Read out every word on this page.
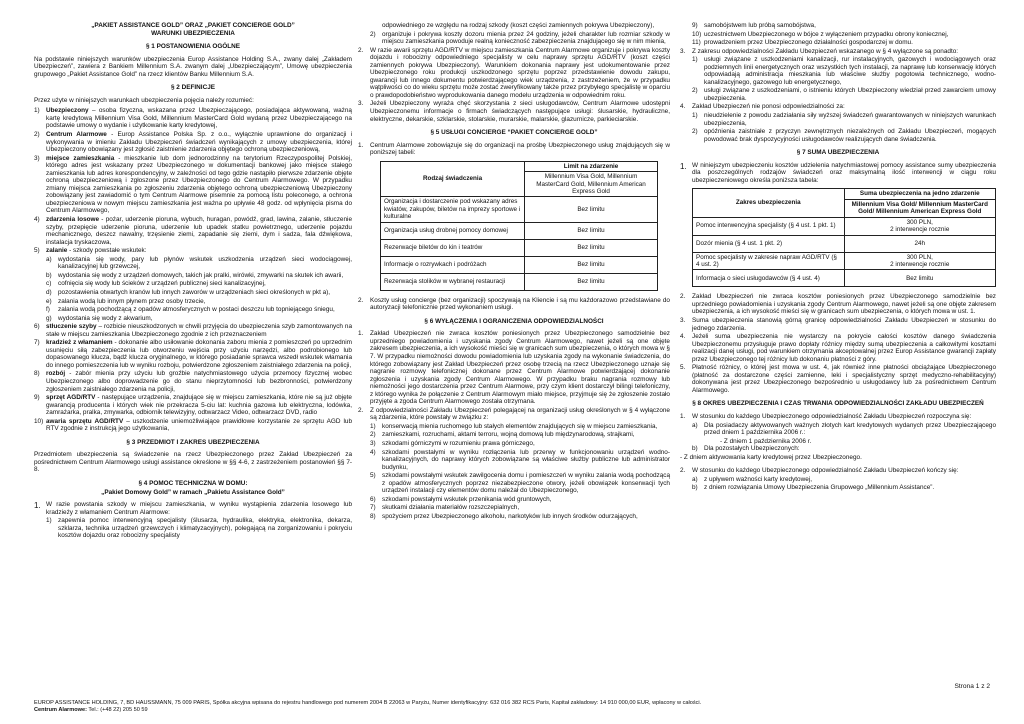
„PAKIET ASSISTANCE GOLD” ORAZ „PAKIET CONCIERGE GOLD”
WARUNKI UBEZPIECZENIA
§ 1 POSTANOWIENIA OGÓLNE

Na podstawie niniejszych warunków ubezpieczenia Europ Assistance Holding S.A., zwany dalej „Zakładem Ubezpieczeń”, zawiera z Bankiem Millennium S.A. zwanym dalej „Ubezpieczającym”, Umowę ubezpieczenia grupowego „Pakiet Assistance Gold” na rzecz klientów Banku Millennium S.A.

§ 2 DEFINICJE

Przez użyte w niniejszych warunkach ubezpieczenia pojęcia należy rozumieć:

1) Ubezpieczony – osoba fizyczna, wskazana przez Ubezpieczającego, posiadająca aktywowaną, ważną kartę kredytową Millennium Visa Gold, Millennium MasterCard Gold wydaną przez Ubezpieczającego na podstawie umowy o wydanie i użytkowanie karty kredytowej,
2) Centrum Alarmowe - Europ Assistance Polska Sp. z o.o., wyłącznie uprawnione do organizacji i wykonywania w imieniu Zakładu Ubezpieczeń świadczeń wynikających z umowy ubezpieczenia, której Ubezpieczony obowiązany jest zgłosić zaistnienie zdarzenia objętego ochroną ubezpieczeniową,
3) miejsce zamieszkania - mieszkanie lub dom jednorodzinny na terytorium Rzeczypospolitej Polskiej, którego adres jest wskazany przez Ubezpieczonego w dokumentacji bankowej jako miejsce stałego zamieszkania lub adres korespondencyjny, w zależności od tego gdzie nastąpiło pierwsze zdarzenie objęte ochroną ubezpieczeniową i zgłoszone przez Ubezpieczonego do Centrum Alarmowego. W przypadku zmiany miejsca zamieszkania po zgłoszeniu zdarzenia objętego ochroną ubezpieczeniową Ubezpieczony zobowiązany jest zawiadomić o tym Centrum Alarmowe pisemnie za pomocą listu poleconego, a ochrona ubezpieczeniowa w nowym miejscu zamieszkania jest ważna po upływie 48 godz. od wpłynięcia pisma do Centrum Alarmowego,
4) zdarzenia losowe - pożar, uderzenie pioruna, wybuch, huragan, powódź, grad, lawina, zalanie, stłuczenie szyby, przepięcie uderzenie pioruna, uderzenie lub upadek statku powietrznego, uderzenie pojazdu mechanicznego, deszcz nawalny, trzęsienie ziemi, zapadanie się ziemi, dym i sadza, fala dźwiękowa, instalacja tryskaczowa,
5) zalanie - szkody powstałe wskutek:
a) wydostania się wody, pary lub płynów wskutek uszkodzenia urządzeń sieci wodociągowej, kanalizacyjnej lub grzewczej,
b) wydostania się wody z urządzeń domowych, takich jak pralki, wirówki, zmywarki na skutek ich awarii,
c)	cofnięcia się wody lub ścieków z urządzeń publicznej sieci kanalizacyjnej,
d) pozostawienia otwartych kranów lub innych zaworów w urządzeniach sieci określonych w pkt a),
e) zalania wodą lub innym płynem przez osoby trzecie,
f)	zalania wodą pochodzącą z opadów atmosferycznych w postaci deszczu lub topniejącego śniegu,
g) wydostania się wody z akwarium,
6) stłuczenie szyby – rozbicie nieuszkodzonych w chwili przyjęcia do ubezpieczenia szyb zamontowanych na stałe w miejscu zamieszkania Ubezpieczonego zgodnie z ich przeznaczeniem
7) kradzież z włamaniem - dokonanie albo usiłowanie dokonania zaboru mienia z pomieszczeń po uprzednim usunięciu siłą zabezpieczenia lub otworzeniu wejścia przy użyciu narzędzi, albo podrobionego lub dopasowanego klucza, bądź klucza oryginalnego, w którego posiadanie sprawca wszedł wskutek włamania do innego pomieszczenia lub w wyniku rozboju, potwierdzone zgłoszeniem zaistniałego zdarzenia na policji,
8) rozbój - zabór mienia przy użyciu lub groźbie natychmiastowego użycia przemocy fizycznej wobec Ubezpieczonego albo doprowadzenie go do stanu nieprzytomności lub bezbronności, potwierdzony zgłoszeniem zaistniałego zdarzenia na policji,
9) sprzęt AGD/RTV - następujące urządzenia, znajdujące się w miejscu zamieszkania, które nie są już objęte gwarancją producenta i których wiek nie przekracza 5-ciu lat: kuchnia gazowa lub elektryczna, lodówka, zamrażarka, pralka, zmywarka, odbiornik telewizyjny, odtwarzacz Video, odtwarzacz DVD, radio
10) awaria sprzętu AGD/RTV – uszkodzenie uniemożliwiające prawidłowe korzystanie ze sprzętu AGD lub RTV zgodnie z instrukcją jego użytkowania,
§ 3 PRZEDMIOT I ZAKRES UBEZPIECZENIA

Przedmiotem ubezpieczenia są świadczenie na rzecz Ubezpieczonego przez Zakład Ubezpieczeń za pośrednictwem Centrum Alarmowego usługi assistance określone w §§ 4-6, z zastrzeżeniem postanowień §§ 7-8.

§ 4 POMOC TECHNICZNA W DOMU:
„Pakiet Domowy Gold” w ramach „Pakietu Assistance Gold”
1. W razie powstania szkody w miejscu zamieszkania, w wyniku wystąpienia zdarzenia losowego lub kradzieży z włamaniem Centrum Alarmowe:
1) zapewnia pomoc interwencyjną specjalisty (ślusarza, hydraulika, elektryka, elektronika, dekarza, szklarza, technika urządzeń grzewczych i klimatyzacyjnych), polegającą na zorganizowaniu i pokryciu kosztów dojazdu oraz robocizny specjalisty
odpowiedniego ze względu na rodzaj szkody (koszt części zamiennych pokrywa Ubezpieczony),
2) organizuje i pokrywa koszty dozoru mienia przez 24 godziny, jeżeli charakter lub rozmiar szkody w miejscu zamieszkania powoduje realną konieczność zabezpieczenia znajdującego się w nim mienia,
2.	W razie awarii sprzętu AGD/RTV w miejscu zamieszkania Centrum Alarmowe organizuje i pokrywa koszty dojazdu i robocizny odpowiedniego specjalisty w celu naprawy sprzętu AGD/RTV (koszt części zamiennych pokrywa Ubezpieczony). Warunkiem dokonania naprawy jest udokumentowanie przez Ubezpieczonego roku produkcji uszkodzonego sprzętu poprzez przedstawienie dowodu zakupu, gwarancji lub innego dokumentu potwierdzającego wiek urządzenia, z zastrzeżeniem, że w przypadku wątpliwości co do wieku sprzętu może zostać zweryfikowany także przez przybyłego specjalistę w oparciu o prawdopodobieństwo wyprodukowania danego modelu urządzenia w odpowiednim roku.
3.	Jeżeli Ubezpieczony wyraża chęć skorzystania z sieci usługodawców, Centrum Alarmowe udostępni Ubezpieczonemu informacje o firmach świadczących następujące usługi: ślusarskie, hydrauliczne, elektryczne, dekarskie, szklarskie, stolarskie, murarskie, malarskie, glazurnicze, parkieciarskie.
§ 5 USŁUGI CONCIERGE “PAKIET CONCIERGE GOLD”
1.	Centrum Alarmowe zobowiązuje się do organizacji na prośbę Ubezpieczonego usług znajdujących się w poniższej tabeli:
Rodzaj świadczenia	Limit na zdarzenie
	Millennium Visa Gold, Millennium MasterCard Gold, Millennium American Express Gold
Organizacja i dostarczenie pod wskazany adres kwiatów, zakupów, biletów na imprezy sportowe i kulturalne	Bez limitu
Organizacja usług drobnej pomocy domowej	Bez limitu
Rezerwacje biletów do kin i teatrów	Bez limitu
Informacje o rozrywkach i podróżach	Bez limitu
Rezerwacja stolików w wybranej restauracji	Bez limitu
2.	Koszty usług concierge (bez organizacji) spoczywają na Kliencie i są mu każdorazowo przedstawiane do autoryzacji telefonicznie przed wykonaniem usługi.
§ 6 WYŁĄCZENIA I OGRANICZENIA ODPOWIEDZIALNOŚCI
1.	Zakład Ubezpieczeń nie zwraca kosztów poniesionych przez Ubezpieczonego samodzielnie bez uprzedniego powiadomienia i uzyskania zgody Centrum Alarmowego, nawet jeżeli są one objęte zakresem ubezpieczenia, a ich wysokość mieści się w granicach sum ubezpieczenia, o których mowa w § 7. W przypadku niemożności dowodu powiadomienia lub uzyskania zgody na wykonanie świadczenia, do którego zobowiązany jest Zakład Ubezpieczeń przez osobę trzecią na rzecz Ubezpieczonego uznaje się nagranie rozmowy telefonicznej dokonane przez Centrum Alarmowe potwierdzającej dokonanie zgłoszenia i uzyskania zgody Centrum Alarmowego. W przypadku braku nagrania rozmowy lub niemożności jego dostarczenia przez Centrum Alarmowe, przy czym klient dostarczył bilingi telefoniczny, z którego wynika że połączenie z Centrum Alarmowym miało miejsce, przyjmuje się że zgłoszenie zostało przyjęte a zgoda Centrum Alarmowego została otrzymana.
2.	Z odpowiedzialności Zakładu Ubezpieczeń polegającej na organizacji usług określonych w § 4 wyłączone są zdarzenia, które powstały w związku z:
1) konserwacją mienia ruchomego lub stałych elementów znajdujących się w miejscu zamieszkania,
2) zamieszkami, rozruchami, aktami terroru, wojną domową lub międzynarodową, strajkami,
3) szkodami górniczymi w rozumieniu prawa górniczego,
4) szkodami powstałymi w wyniku rozłączenia lub przerwy w funkcjonowaniu urządzeń wodno-kanalizacyjnych, do naprawy których zobowiązane są właściwe służby publiczne lub administrator budynku,
5) szkodami powstałymi wskutek zawilgocenia domu i pomieszczeń w wyniku zalania wodą pochodzącą z opadów atmosferycznych poprzez niezabezpieczone otwory, jeżeli obowiązek konserwacji tych urządzeń instalacji czy elementów domu należał do Ubezpieczonego,
6) szkodami powstałymi wskutek przenikania wód gruntowych,
7) skutkami działania materiałów rozszczepialnych,
8) spożyciem przez Ubezpieczonego alkoholu, narkotyków lub innych środków odurzających,
9) samobójstwem lub próbą samobójstwa,
10) uczestnictwem Ubezpieczonego w bójce z wyłączeniem przypadku obrony koniecznej,
11) prowadzeniem przez Ubezpieczonego działalności gospodarczej w domu.
3.	Z zakresu odpowiedzialności Zakładu Ubezpieczeń wskazanego w § 4 wyłączone są ponadto:
1) usługi związane z uszkodzeniami kanalizacji, rur instalacyjnych, gazowych i wodociągowych oraz podziemnych linii energetycznych oraz wszystkich tych instalacji, za naprawę lub konserwację których odpowiadają administracja mieszkania lub właściwe służby pogotowia technicznego, wodno-kanalizacyjnego, gazowego lub energetycznego,
2) usługi związane z uszkodzeniami, o istnieniu których Ubezpieczony wiedział przed zawarciem umowy ubezpieczenia.
4.	Zakład Ubezpieczeń nie ponosi odpowiedzialności za:
1) nieudzielenie z powodu zadziałania siły wyższej świadczeń gwarantowanych w niniejszych warunkach ubezpieczenia,
2) opóźnienia zaistniałe z przyczyn zewnętrznych niezależnych od Zakładu Ubezpieczeń, mogących powodować brak dyspozycyjności usługodawców realizujących dane świadczenia.
§ 7 SUMA UBEZPIECZENIA
1. W niniejszym ubezpieczeniu kosztów udzielenia natychmiastowej pomocy assistance sumy ubezpieczenia dla poszczególnych rodzajów świadczeń oraz maksymalną ilość interwencji w ciągu roku ubezpieczeniowego określa poniższa tabela:
Zakres ubezpieczenia	Suma ubezpieczenia na jedno zdarzenie
	Millennium Visa Gold/ Millennium MasterCard Gold/ Millennium American Express Gold
Pomoc interwencyjna specjalisty (§ 4 ust. 1 pkt. 1)	300 PLN,
2 interwencje rocznie
Dozór mienia (§ 4 ust. 1 pkt. 2)	24h
Pomoc specjalisty w zakresie napraw AGD/RTV (§ 4 ust. 2)	300 PLN,
2 interwencje rocznie
Informacja o sieci usługodawców (§ 4 ust. 4)	Bez limitu
2.	Zakład Ubezpieczeń nie zwraca kosztów poniesionych przez Ubezpieczonego samodzielnie bez uprzedniego powiadomienia i uzyskania zgody Centrum Alarmowego, nawet jeżeli są one objęte zakresem ubezpieczenia, a ich wysokość mieści się w granicach sum ubezpieczenia, o których mowa w ust. 1.
3.	Suma ubezpieczenia stanowią górną granicę odpowiedzialności Zakładu Ubezpieczeń w stosunku do jednego zdarzenia.
4.	Jeżeli suma ubezpieczenia nie wystarczy na pokrycie całości kosztów danego świadczenia Ubezpieczonemu przysługuje prawo dopłaty różnicy między sumą ubezpieczenia a całkowitymi kosztami realizacji danej usługi, pod warunkiem otrzymania akceptowalnej przez Europ Assistance gwarancji zapłaty przez Ubezpieczonego tej różnicy lub dokonaniu płatności z góry.
5.	Płatność różnicy, o której jest mowa w ust. 4, jak również inne płatności obciążające Ubezpieczonego (płatność za dostarczone części zamienne, leki i specjalistyczny sprzęt medyczno-rehabilitacyjny) dokonywana jest przez Ubezpieczonego bezpośrednio u usługodawcy lub za pośrednictwem Centrum Alarmowego.
§ 8 OKRES UBEZPIECZENIA I CZAS TRWANIA ODPOWIEDZIALNOŚCI ZAKŁADU UBEZPIECZEŃ
1.	W stosunku do każdego Ubezpieczonego odpowiedzialność Zakładu Ubezpieczeń rozpoczyna się:
a) Dla posiadaczy aktywowanych ważnych złotych kart kredytowych wydanych przez Ubezpieczającego przed dniem 1 października 2006 r.:
- Z dniem 1 października 2006 r.
b) Dla pozostałych Ubezpieczonych:
- Z dniem aktywowania karty kredytowej przez Ubezpieczonego.
2.	W stosunku do każdego Ubezpieczonego odpowiedzialność Zakładu Ubezpieczeń kończy się:
a) z upływem ważności karty kredytowej,
b) z dniem rozwiązania Umowy Ubezpieczenia Grupowego „Millennium Assistance”.
Strona 1 z 2
EUROP ASSISTANCE HOLDING, 7, BD HAUSSMANN, 75 009 PARIS, Spółka akcyjna wpisana do rejestru handlowego pod numerem 2004 B 22063 w Paryżu, Numer identyfikacyjny: 632 016 382 RCS Paris, Kapitał zakładowy: 14 910 000,00 EUR, wpłacony w całości.
Centrum Alarmowe: Tel.: (+48 22) 205 50 59
